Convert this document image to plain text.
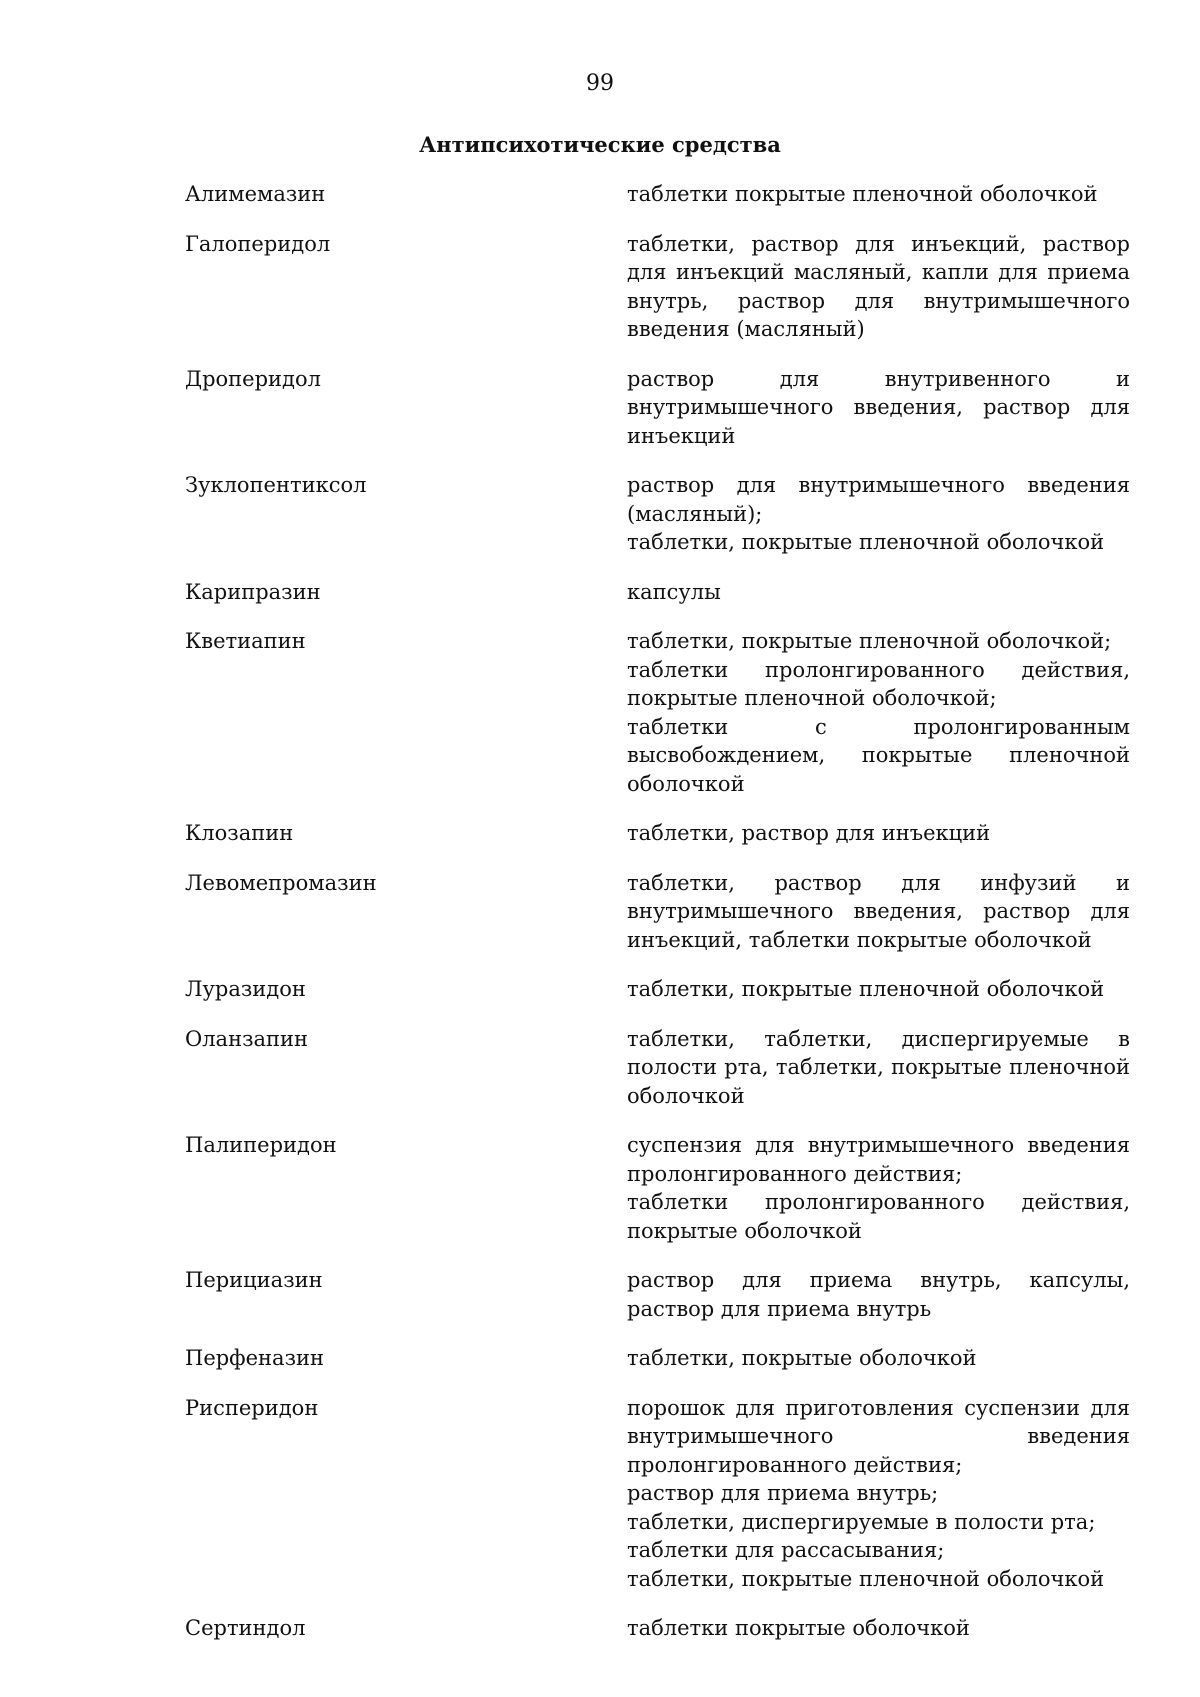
99
Антипсихотические средства
Алимемазин	таблетки покрытые пленочной оболочкой
Галоперидол	таблетки, раствор для инъекций, раствор для инъекций масляный, капли для приема внутрь, раствор для внутримышечного введения (масляный)
Дроперидол	раствор для внутривенного и внутримышечного введения, раствор для инъекций
Зуклопентиксол	раствор для внутримышечного введения (масляный);
таблетки, покрытые пленочной оболочкой
Карипразин	капсулы
Кветиапин	таблетки, покрытые пленочной оболочкой;
таблетки пролонгированного действия, покрытые пленочной оболочкой;
таблетки с пролонгированным высвобождением, покрытые пленочной оболочкой
Клозапин	таблетки, раствор для инъекций
Левомепромазин	таблетки, раствор для инфузий и внутримышечного введения, раствор для инъекций, таблетки покрытые оболочкой
Луразидон	таблетки, покрытые пленочной оболочкой
Оланзапин	таблетки, таблетки, диспергируемые в полости рта, таблетки, покрытые пленочной оболочкой
Палиперидон	суспензия для внутримышечного введения пролонгированного действия;
таблетки пролонгированного действия, покрытые оболочкой
Перициазин	раствор для приема внутрь, капсулы, раствор для приема внутрь
Перфеназин	таблетки, покрытые оболочкой
Рисперидон	порошок для приготовления суспензии для внутримышечного введения пролонгированного действия;
раствор для приема внутрь;
таблетки, диспергируемые в полости рта;
таблетки для рассасывания;
таблетки, покрытые пленочной оболочкой
Сертиндол	таблетки покрытые оболочкой
